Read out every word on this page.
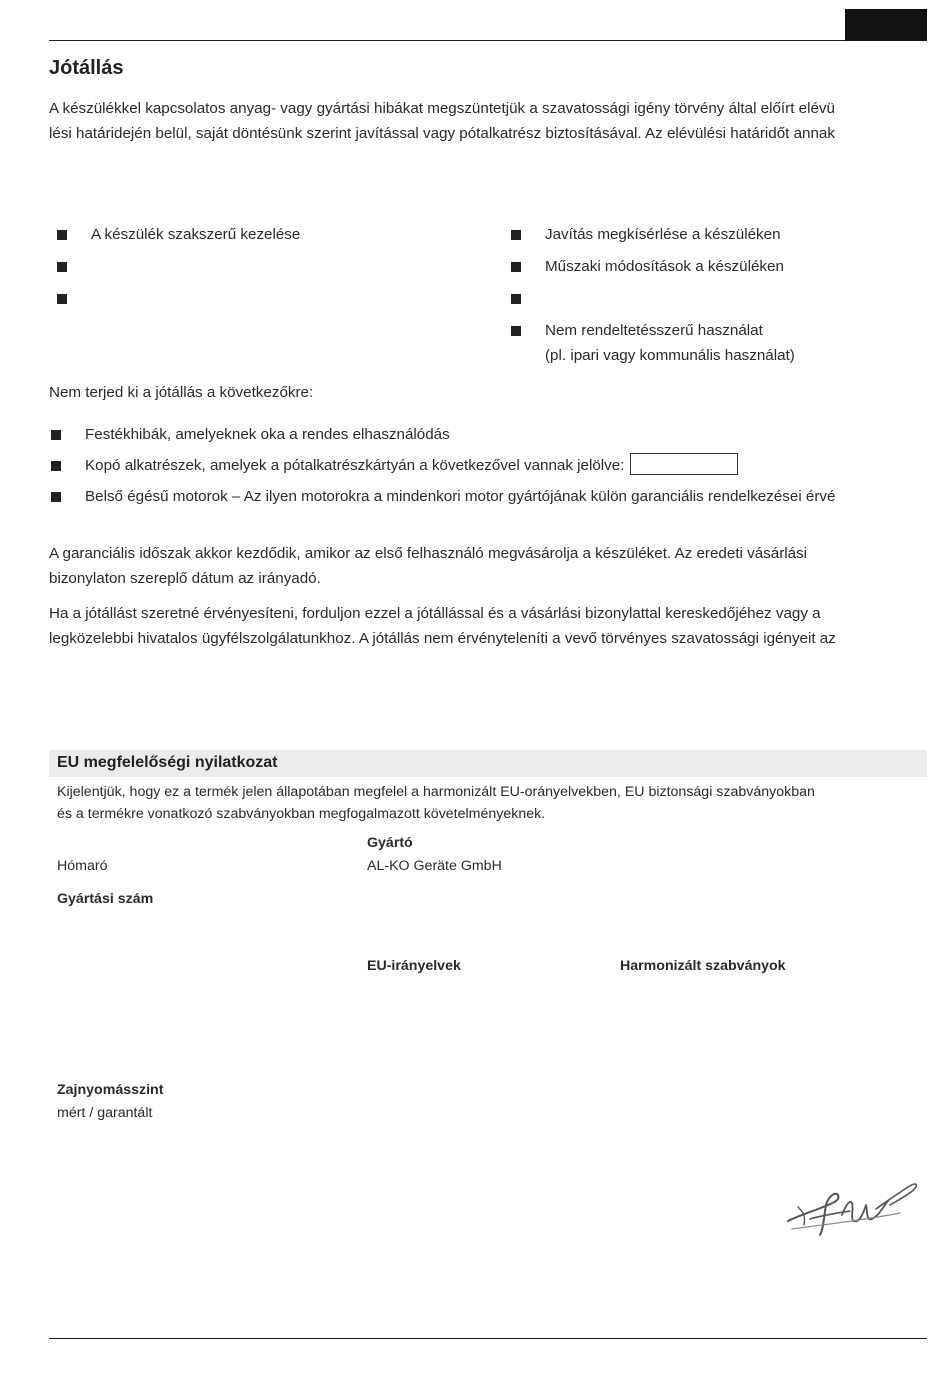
Jótállás
A készülékkel kapcsolatos anyag- vagy gyártási hibákat megszüntetjük a szavatossági igény törvény által előírt elévü
lési határidején belül, saját döntésünk szerint javítással vagy pótalkatrész biztosításával. Az elévülési határidőt annak
A készülék szakszerű kezelése	Javítás megkísérlése a készüléken
Műszaki módosítások a készüléken
Nem rendeltetésszerű használat
(pl. ipari vagy kommunális használat)
Nem terjed ki a jótállás a következőkre:
Festékhibák, amelyeknek oka a rendes elhasználódás
Kopó alkatrészek, amelyek a pótalkatrészkártyán a következővel vannak jelölve:
Belső égésű motorok – Az ilyen motorokra a mindenkori motor gyártójának külön garanciális rendelkezései érvé
A garanciális időszak akkor kezdődik, amikor az első felhasználó megvásárolja a készüléket. Az eredeti vásárlási
bizonylaton szereplő dátum az irányadó.
Ha a jótállást szeretné érvényesíteni, forduljon ezzel a jótállással és a vásárlási bizonylattal kereskedőjéhez vagy a
legközelebbi hivatalos ügyfélszolgálatunkhoz. A jótállás nem érvényteleníti a vevő törvényes szavatossági igényeit az
EU megfelelőségi nyilatkozat
Kijelentjük, hogy ez a termék jelen állapotában megfelel a harmonizált EU-orányelvekben, EU biztonsági szabványokban
és a termékre vonatkozó szabványokban megfogalmazott követelményeknek.
Gyártó
Hómaró	AL-KO Geräte GmbH
Gyártási szám
EU-irányelvek	Harmonizált szabványok
Zajnyomásszint
mért / garantált
